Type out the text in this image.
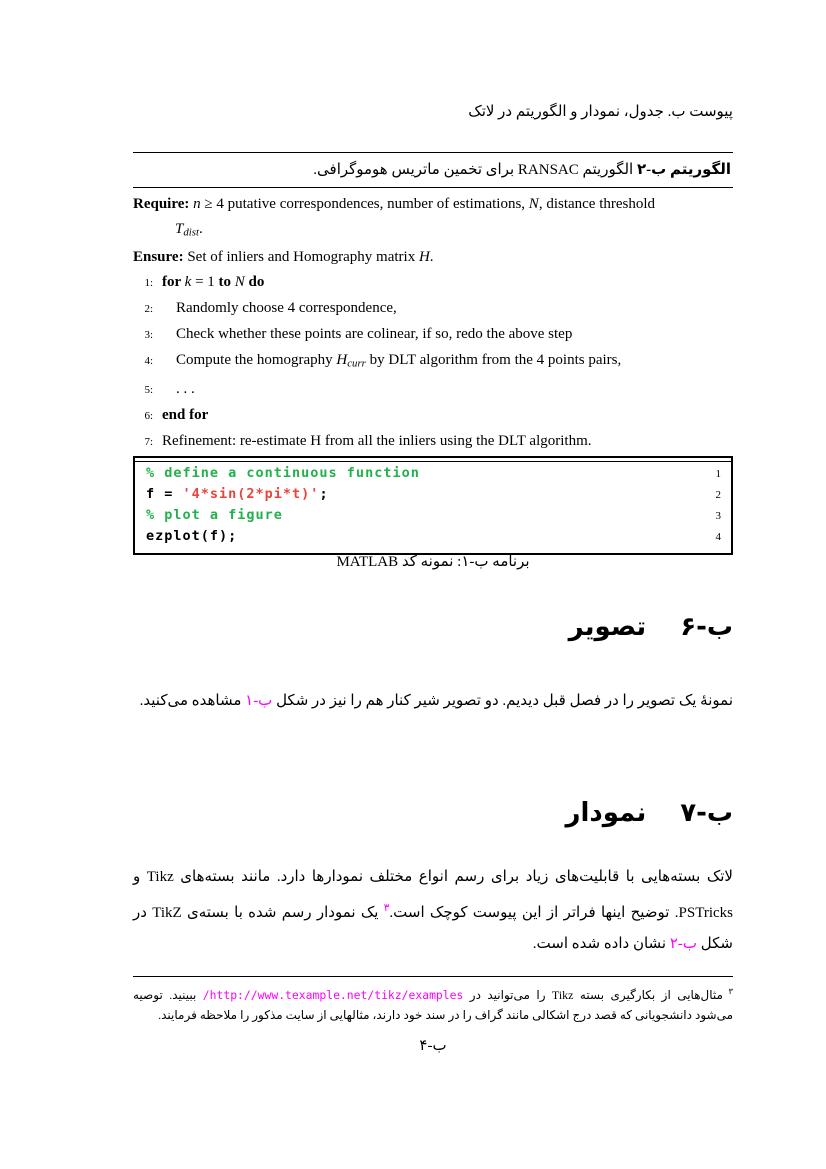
پیوست ب. جدول، نمودار و الگوریتم در لاتک
الگوریتم ب-۲ الگوریتم RANSAC برای تخمین ماتریس هوموگرافی.
Require: n ≥ 4 putative correspondences, number of estimations, N, distance threshold
Tdist.
Ensure: Set of inliers and Homography matrix H.
1: for k = 1 to N do
2:	Randomly choose 4 correspondence,
3:	Check whether these points are colinear, if so, redo the above step
4:	Compute the homography Hcurr by DLT algorithm from the 4 points pairs,
5:	. . .
6: end for
7: Refinement: re-estimate H from all the inliers using the DLT algorithm.
% define a continuous function	1
f = '4*sin(2*pi*t)';	2
% plot a figure	3
ezplot(f);	4
برنامه ب-۱: نمونه کد MATLAB
ب-۶
تصویر
نمونهٔ یک تصویر را در فصل قبل دیدیم. دو تصویر شیر کنار هم را نیز در شکل ب-۱ مشاهده می‌کنید.
ب-۷
نمودار
لاتک بسته‌هایی با قابلیت‌های زیاد برای رسم انواع مختلف نمودارها دارد. مانند بسته‌های Tikz و PSTricks. توضیح اینها فراتر از این پیوست کوچک است.$^۳$ یک نمودار رسم شده با بسته‌ی TikZ در شکل ب-۲ نشان داده شده است.
$^۳$ مثال‌هایی از بکارگیری بسته Tikz را می‌توانید در http://www.texample.net/tikz/examples/ ببینید. توصیه می‌شود دانشجویانی که قصد درج اشکالی مانند گراف را در سند خود دارند، مثالهایی از سایت مذکور را ملاحظه فرمایند.
ب-۴
